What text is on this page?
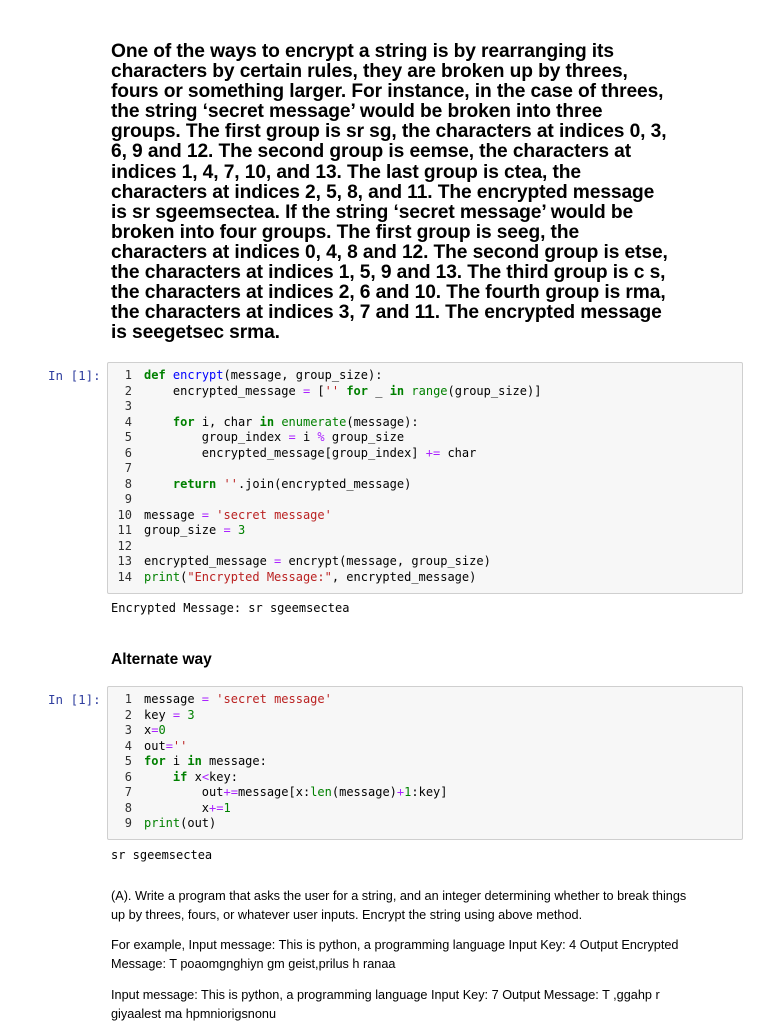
One of the ways to encrypt a string is by rearranging its
characters by certain rules, they are broken up by threes,
fours or something larger. For instance, in the case of threes,
the string ‘secret message’ would be broken into three
groups. The first group is sr sg, the characters at indices 0, 3,
6, 9 and 12. The second group is eemse, the characters at
indices 1, 4, 7, 10, and 13. The last group is ctea, the
characters at indices 2, 5, 8, and 11. The encrypted message
is sr sgeemsectea. If the string ‘secret message’ would be
broken into four groups. The first group is seeg, the
characters at indices 0, 4, 8 and 12. The second group is etse,
the characters at indices 1, 5, 9 and 13. The third group is c s,
the characters at indices 2, 6 and 10. The fourth group is rma,
the characters at indices 3, 7 and 11. The encrypted message
is seegetsec srma.
In [1]:	1 def encrypt(message, group_size):
2    encrypted_message = ['' for _ in range(group_size)]
3
4	for i, char in enumerate(message):
5        group_index = i % group_size
6        encrypted_message[group_index] += char
7
8	return ''.join(encrypted_message)
9
10 message = 'secret message'
11 group_size = 3
12
13 encrypted_message = encrypt(message, group_size)
14 print("Encrypted Message:", encrypted_message)
Encrypted Message: sr sgeemsectea
Alternate way
In [1]:	1 message = 'secret message'
2 key = 3
3 x=0
4 out=''
5 for i in message:
6	if x<key:
7        out+=message[x:len(message)+1:key]
8        x+=1
9 print(out)
sr sgeemsectea
(A). Write a program that asks the user for a string, and an integer determining whether to break things
up by threes, fours, or whatever user inputs. Encrypt the string using above method.
For example, Input message: This is python, a programming language Input Key: 4 Output Encrypted
Message: T poaomgnghiyn gm geist,prilus h ranaa
Input message: This is python, a programming language Input Key: 7 Output Message: T ,ggahp r
giyaalest ma hpmniorigsnonu
